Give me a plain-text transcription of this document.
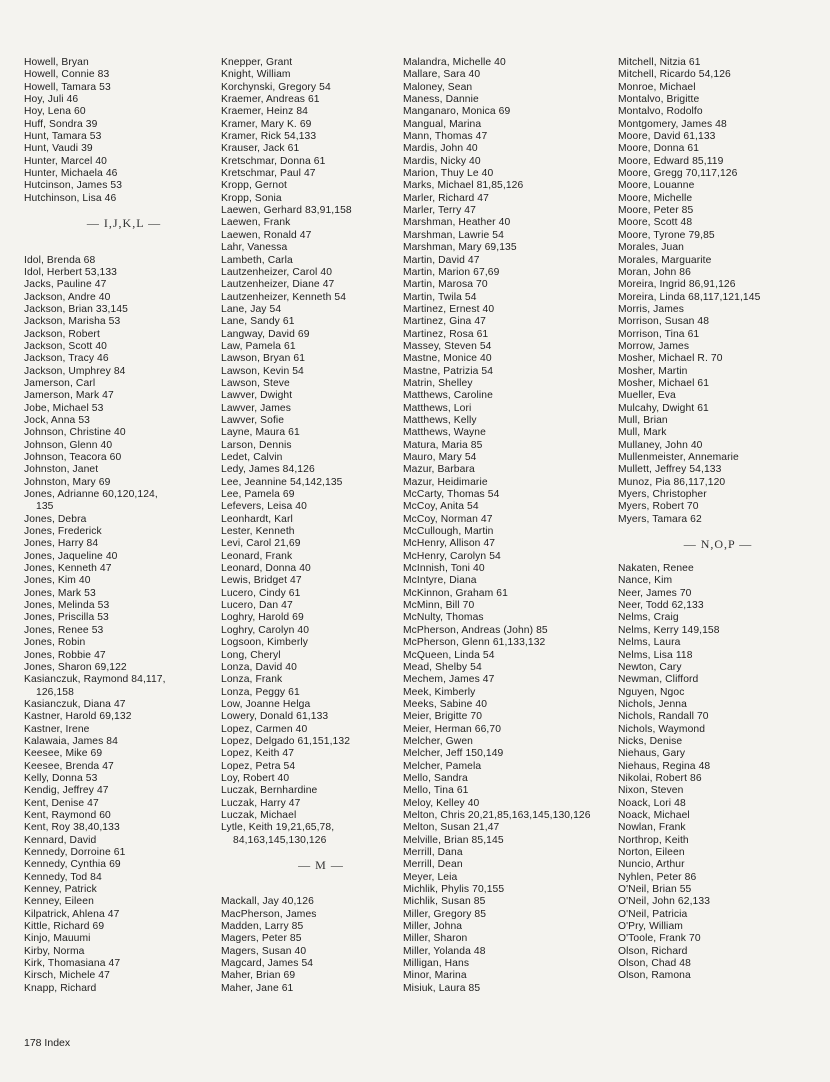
Howell, Bryan
Howell, Connie 83
Howell, Tamara 53
Hoy, Juli 46
Hoy, Lena 60
Huff, Sondra 39
Hunt, Tamara 53
Hunt, Vaudi 39
Hunter, Marcel 40
Hunter, Michaela 46
Hutcinson, James 53
Hutchinson, Lisa 46
— I,J,K,L —
Idol, Brenda 68
Idol, Herbert 53,133
Jacks, Pauline 47
Jackson, Andre 40
Jackson, Brian 33,145
Jackson, Marisha 53
Jackson, Robert
Jackson, Scott 40
Jackson, Tracy 46
Jackson, Umphrey 84
Jamerson, Carl
Jamerson, Mark 47
Jobe, Michael 53
Jock, Anna 53
Johnson, Christine 40
Johnson, Glenn 40
Johnson, Teacora 60
Johnston, Janet
Johnston, Mary 69
Jones, Adrianne 60,120,124,
135
Jones, Debra
Jones, Frederick
Jones, Harry 84
Jones, Jaqueline 40
Jones, Kenneth 47
Jones, Kim 40
Jones, Mark 53
Jones, Melinda 53
Jones, Priscilla 53
Jones, Renee 53
Jones, Robin
Jones, Robbie 47
Jones, Sharon 69,122
Kasianczuk, Raymond 84,117,
126,158
Kasianczuk, Diana 47
Kastner, Harold 69,132
Kastner, Irene
Kalawaia, James 84
Keesee, Mike 69
Keesee, Brenda 47
Kelly, Donna 53
Kendig, Jeffrey 47
Kent, Denise 47
Kent, Raymond 60
Kent, Roy 38,40,133
Kennard, David
Kennedy, Dorroine 61
Kennedy, Cynthia 69
Kennedy, Tod 84
Kenney, Patrick
Kenney, Eileen
Kilpatrick, Ahlena 47
Kittle, Richard 69
Kinjo, Mauumi
Kirby, Norma
Kirk, Thomasiana 47
Kirsch, Michele 47
Knapp, Richard
Knepper, Grant
Knight, William
Korchynski, Gregory 54
Kraemer, Andreas 61
Kraemer, Heinz 84
Kramer, Mary K. 69
Kramer, Rick 54,133
Krauser, Jack 61
Kretschmar, Donna 61
Kretschmar, Paul 47
Kropp, Gernot
Kropp, Sonia
Laewen, Gerhard 83,91,158
Laewen, Frank
Laewen, Ronald 47
Lahr, Vanessa
Lambeth, Carla
Lautzenheizer, Carol 40
Lautzenheizer, Diane 47
Lautzenheizer, Kenneth 54
Lane, Jay 54
Lane, Sandy 61
Langway, David 69
Law, Pamela 61
Lawson, Bryan 61
Lawson, Kevin 54
Lawson, Steve
Lawver, Dwight
Lawver, James
Lawver, Sofie
Layne, Maura 61
Larson, Dennis
Ledet, Calvin
Ledy, James 84,126
Lee, Jeannine 54,142,135
Lee, Pamela 69
Lefevers, Leisa 40
Leonhardt, Karl
Lester, Kenneth
Levi, Carol 21,69
Leonard, Frank
Leonard, Donna 40
Lewis, Bridget 47
Lucero, Cindy 61
Lucero, Dan 47
Loghry, Harold 69
Loghry, Carolyn 40
Logsoon, Kimberly
Long, Cheryl
Lonza, David 40
Lonza, Frank
Lonza, Peggy 61
Low, Joanne Helga
Lowery, Donald 61,133
Lopez, Carmen 40
Lopez, Delgado 61,151,132
Lopez, Keith 47
Lopez, Petra 54
Loy, Robert 40
Luczak, Bernhardine
Luczak, Harry 47
Luczak, Michael
Lytle, Keith 19,21,65,78,
84,163,145,130,126
— M —
Mackall, Jay 40,126
MacPherson, James
Madden, Larry 85
Magers, Peter 85
Magers, Susan 40
Magcard, James 54
Maher, Brian 69
Maher, Jane 61
Malandra, Michelle 40
Mallare, Sara 40
Maloney, Sean
Maness, Dannie
Manganaro, Monica 69
Mangual, Marina
Mann, Thomas 47
Mardis, John 40
Mardis, Nicky 40
Marion, Thuy Le 40
Marks, Michael 81,85,126
Marler, Richard 47
Marler, Terry 47
Marshman, Heather 40
Marshman, Lawrie 54
Marshman, Mary 69,135
Martin, David 47
Martin, Marion 67,69
Martin, Marosa 70
Martin, Twila 54
Martinez, Ernest 40
Martinez, Gina 47
Martinez, Rosa 61
Massey, Steven 54
Mastne, Monice 40
Mastne, Patrizia 54
Matrin, Shelley
Matthews, Caroline
Matthews, Lori
Matthews, Kelly
Matthews, Wayne
Matura, Maria 85
Mauro, Mary 54
Mazur, Barbara
Mazur, Heidimarie
McCarty, Thomas 54
McCoy, Anita 54
McCoy, Norman 47
McCullough, Martin
McHenry, Allison 47
McHenry, Carolyn 54
McInnish, Toni 40
McIntyre, Diana
McKinnon, Graham 61
McMinn, Bill 70
McNulty, Thomas
McPherson, Andreas (John) 85
McPherson, Glenn 61,133,132
McQueen, Linda 54
Mead, Shelby 54
Mechem, James 47
Meek, Kimberly
Meeks, Sabine 40
Meier, Brigitte 70
Meier, Herman 66,70
Melcher, Gwen
Melcher, Jeff 150,149
Melcher, Pamela
Mello, Sandra
Mello, Tina 61
Meloy, Kelley 40
Melton, Chris 20,21,85,163,145,130,126
Melton, Susan 21,47
Melville, Brian 85,145
Merrill, Dana
Merrill, Dean
Meyer, Leia
Michlik, Phylis 70,155
Michlik, Susan 85
Miller, Gregory 85
Miller, Johna
Miller, Sharon
Miller, Yolanda 48
Milligan, Hans
Minor, Marina
Misiuk, Laura 85
Mitchell, Nitzia 61
Mitchell, Ricardo 54,126
Monroe, Michael
Montalvo, Brigitte
Montalvo, Rodolfo
Montgomery, James 48
Moore, David 61,133
Moore, Donna 61
Moore, Edward 85,119
Moore, Gregg 70,117,126
Moore, Louanne
Moore, Michelle
Moore, Peter 85
Moore, Scott 48
Moore, Tyrone 79,85
Morales, Juan
Morales, Marguarite
Moran, John 86
Moreira, Ingrid 86,91,126
Moreira, Linda 68,117,121,145
Morris, James
Morrison, Susan 48
Morrison, Tina 61
Morrow, James
Mosher, Michael R. 70
Mosher, Martin
Mosher, Michael 61
Mueller, Eva
Mulcahy, Dwight 61
Mull, Brian
Mull, Mark
Mullaney, John 40
Mullenmeister, Annemarie
Mullett, Jeffrey 54,133
Munoz, Pia 86,117,120
Myers, Christopher
Myers, Robert 70
Myers, Tamara 62
— N,O,P —
Nakaten, Renee
Nance, Kim
Neer, James 70
Neer, Todd 62,133
Nelms, Craig
Nelms, Kerry 149,158
Nelms, Laura
Nelms, Lisa 118
Newton, Cary
Newman, Clifford
Nguyen, Ngoc
Nichols, Jenna
Nichols, Randall 70
Nichols, Waymond
Nicks, Denise
Niehaus, Gary
Niehaus, Regina 48
Nikolai, Robert 86
Nixon, Steven
Noack, Lori 48
Noack, Michael
Nowlan, Frank
Northrop, Keith
Norton, Eileen
Nuncio, Arthur
Nyhlen, Peter 86
O'Neil, Brian 55
O'Neil, John 62,133
O'Neil, Patricia
O'Pry, William
O'Toole, Frank 70
Olson, Richard
Olson, Chad 48
Olson, Ramona
178 Index
